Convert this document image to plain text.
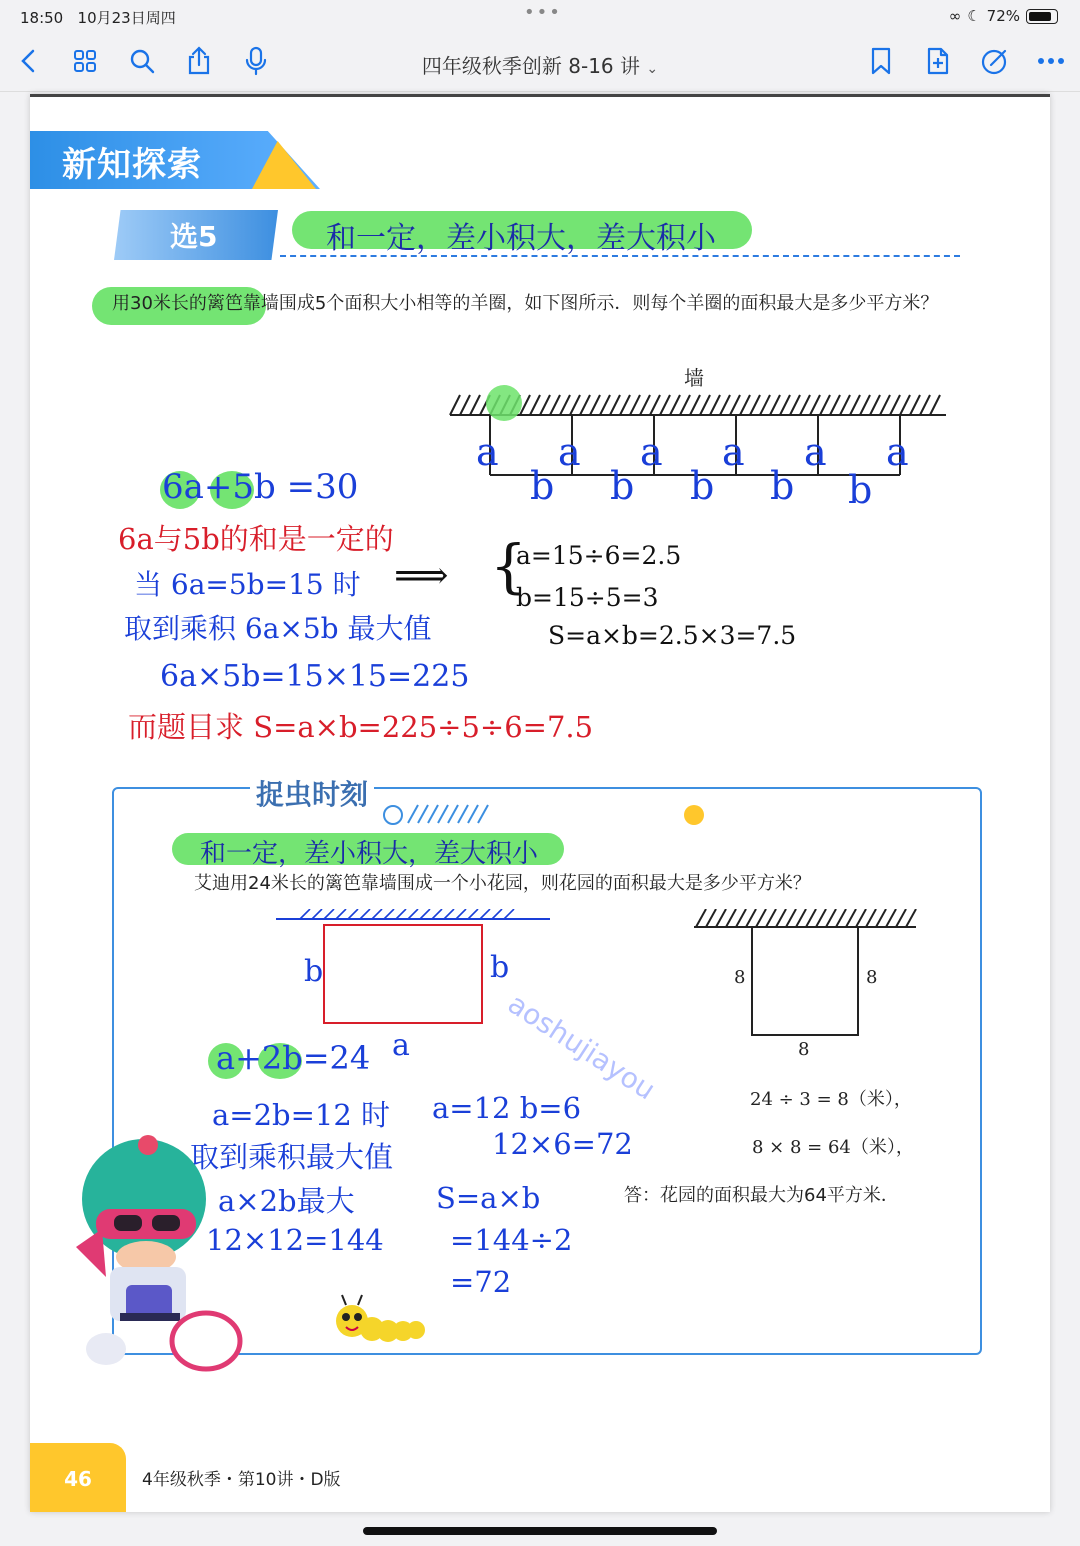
18:50 10月23日周四	•••	∞ ☾ 72%
四年级秋季创新 8-16 讲 ⌄
新知探索
选5	和一定，差小积大，差大积小
用30米长的篱笆靠墙围成5个面积大小相等的羊圈，如下图所示．则每个羊圈的面积最大是多少平方米？
墙
a a a a a a
b b b b b
6a+5b =30
6a与5b的和是一定的
当 6a=5b=15 时
取到乘积 6a×5b 最大值
6a×5b=15×15=225
而题目求 S=a×b=225÷5÷6=7.5
⟹ {
a=15÷6=2.5
b=15÷5=3
S=a×b=2.5×3=7.5
捉虫时刻
和一定，差小积大，差大积小
艾迪用24米长的篱笆靠墙围成一个小花园，则花园的面积最大是多少平方米？
b	b
a
8	8
8
aoshujiayou
a+2b=24
a=2b=12 时
取到乘积最大值
a×2b最大
12×12=144
a=12 b=6
12×6=72
S=a×b
=144÷2
=72
24 ÷ 3 = 8（米），
8 × 8 = 64（米），
答：花园的面积最大为64平方米．
46	4年级秋季・第10讲・D版
